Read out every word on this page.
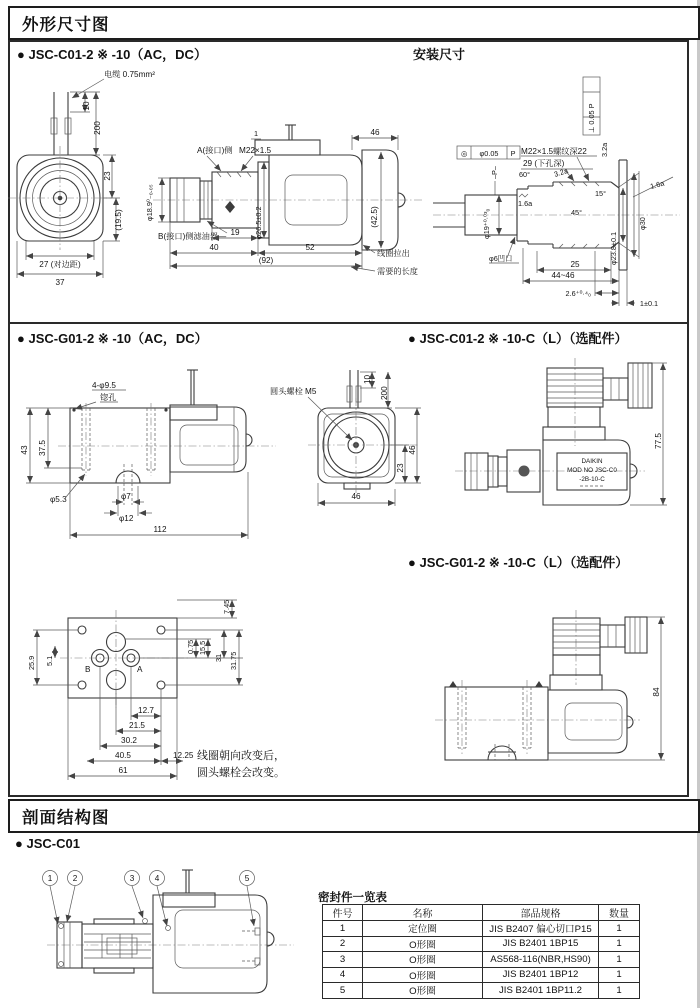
外形尺寸图
● JSC-C01-2 ※ -10（AC，DC）	安装尺寸
● JSC-G01-2 ※ -10（AC，DC）	● JSC-C01-2 ※ -10-C（L）（选配件）
● JSC-G01-2 ※ -10-C（L）（选配件）
电缆 0.75mm²
10
200
23
(19.5)
27 (对边距)
37
A(接口)侧 M22×1.5
B(接口)侧滤油器—
φ18.9⁰₋₀.₀₅
1
19
40	52
(92)
46
(42.5)
φ26.5±0.2
线圈拉出
需要的长度
⊥ 0.05 P
3.2a
◎ φ0.05 P M22×1.5螺纹深22
29 (下孔深)
–P–	60°	3.2a
1.6a
15°
1.6a
45°
φ19⁺⁰·⁰³₀
φ6凹口	φ23.8±0.1
φ30
25
44~46
2.6⁺⁰·⁴₀
1±0.1
4-φ9.5
锪孔
43 37.5
φ5.3	φ7
φ12
112
圆头螺栓 M5
10
200
46
23
46
DAIKIN
MOD NO JSC-C0
-2B-10-C
77.5
B	A
25.9 5.1
7.45
0.75 15.5
31 31.75
12.7
21.5
30.2
40.5	12.25
61
线圈朝向改变后，
圆头螺栓会改变。
84
剖面结构图
● JSC-C01
1 2	3 4	5
密封件一览表
件号	名称	部品规格	数量
1	定位圈	JIS B2407 偏心切口P15	1
2	O形圈	JIS B2401 1BP15	1
3	O形圈	AS568-116(NBR,HS90)	1
4	O形圈	JIS B2401 1BP12	1
5	O形圈	JIS B2401 1BP11.2	1
